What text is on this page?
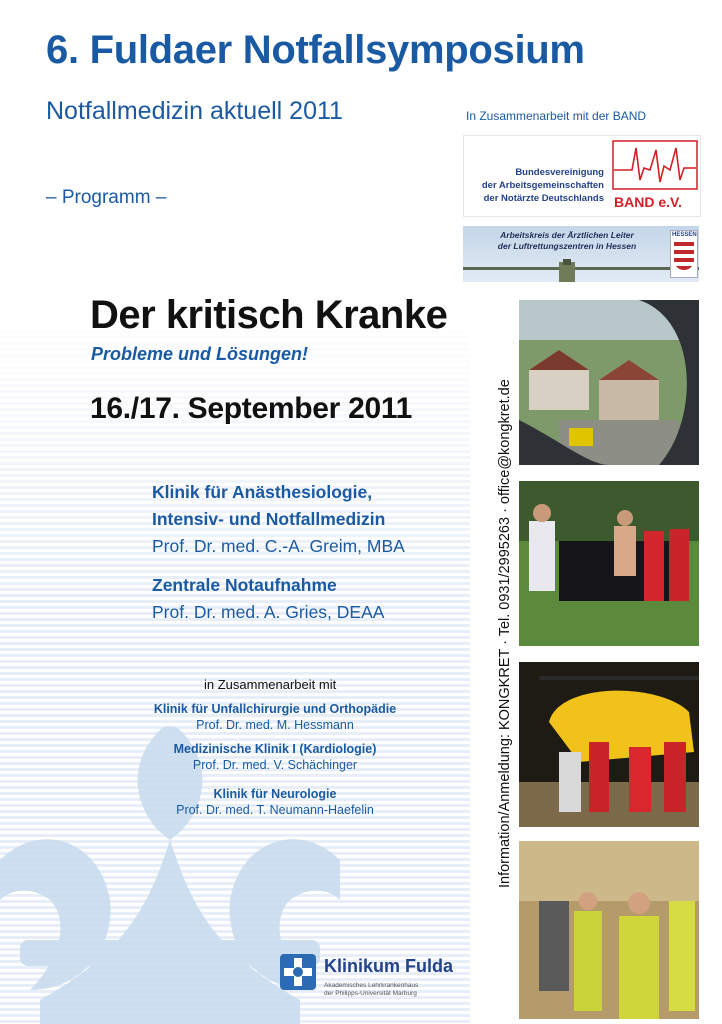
6. Fuldaer Notfallsymposium
Notfallmedizin aktuell 2011
– Programm –
In Zusammenarbeit mit der BAND
Bundesvereinigung
der Arbeitsgemeinschaften
der Notärzte Deutschlands BAND e.V.
Arbeitskreis der Ärztlichen Leiter
der Luftrettungszentren in Hessen
HESSEN
Der kritisch Kranke
Probleme und Lösungen!
16./17. September 2011
Klinik für Anästhesiologie,
Intensiv- und Notfallmedizin
Prof. Dr. med. C.-A. Greim, MBA
Zentrale Notaufnahme
Prof. Dr. med. A. Gries, DEAA
in Zusammenarbeit mit
Klinik für Unfallchirurgie und Orthopädie
Prof. Dr. med. M. Hessmann
Medizinische Klinik I (Kardiologie)
Prof. Dr. med. V. Schächinger
Klinik für Neurologie
Prof. Dr. med. T. Neumann-Haefelin	Information/Anmeldung: KONGKRET · Tel. 0931/2995263 · office@kongkret.de
Klinikum Fulda
Akademisches Lehrkrankenhaus
der Philipps-Universität Marburg
